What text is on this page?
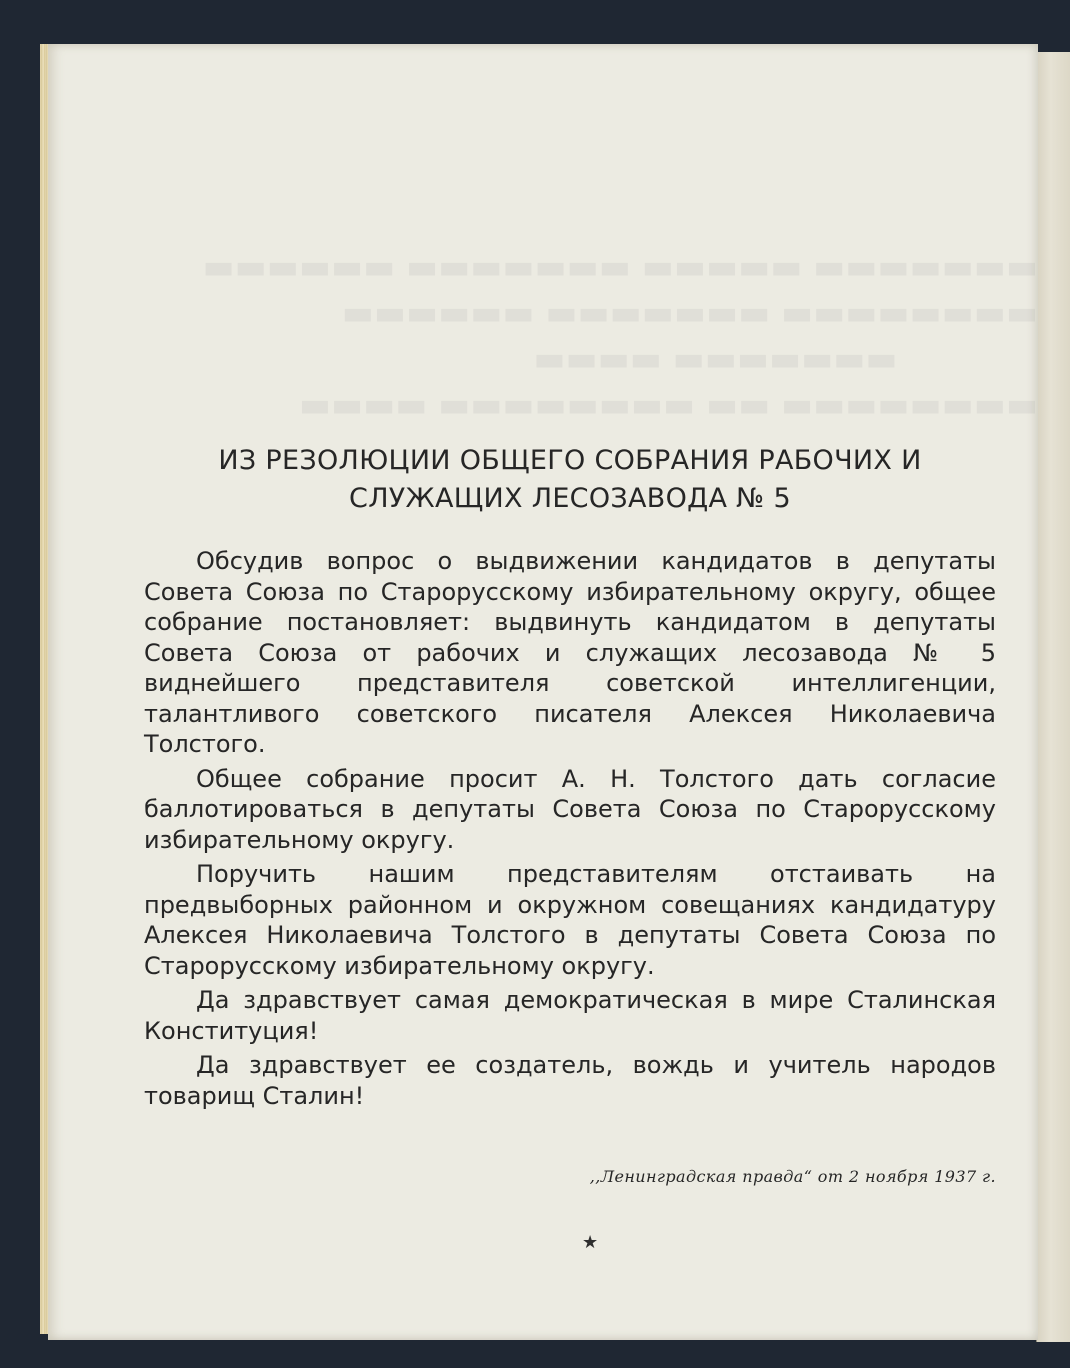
▬▬▬▬▬▬▬ ▬▬▬▬▬ ▬▬▬▬▬▬▬ ▬▬▬▬▬▬
▬▬▬▬▬▬▬▬ ▬▬▬▬▬▬▬ ▬▬▬▬▬▬
▬▬▬▬▬▬▬ ▬▬▬▬
▬▬▬▬▬▬▬▬ ▬▬ ▬▬▬▬▬▬▬▬ ▬▬▬▬
ИЗ РЕЗОЛЮЦИИ ОБЩЕГО СОБРАНИЯ РАБОЧИХ И
СЛУЖАЩИХ ЛЕСОЗАВОДА № 5

Обсудив вопрос о выдвижении кандидатов в депутаты Совета Союза по Старорусскому избирательному округу, общее собрание постановляет: выдвинуть кандидатом в депутаты Совета Союза от рабочих и служащих лесозавода № 5 виднейшего представителя советской интеллигенции, талантливого советского писателя Алексея Николаевича Толстого.

Общее собрание просит А. Н. Толстого дать согласие баллотироваться в депутаты Совета Союза по Старорусскому избирательному округу.

Поручить нашим представителям отстаивать на предвыборных районном и окружном совещаниях кандидатуру Алексея Николаевича Толстого в депутаты Совета Союза по Старорусскому избирательному округу.

Да здравствует самая демократическая в мире Сталинская Конституция!

Да здравствует ее создатель, вождь и учитель народов товарищ Сталин!

,,Ленинградская правда“ от 2 ноября 1937 г.
★
